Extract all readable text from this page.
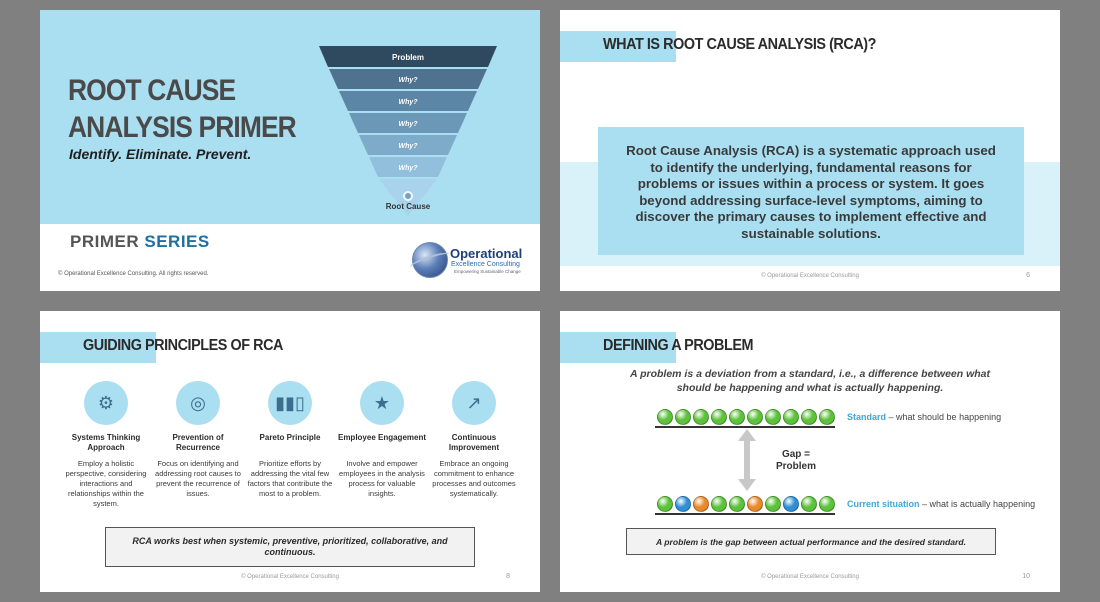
ROOT CAUSE
ANALYSIS PRIMER
Identify. Eliminate. Prevent.
Problem
Why?
Why?
Why?
Why?
Why?
Root Cause
PRIMER SERIES
© Operational Excellence Consulting. All rights reserved.
Operational
Excellence Consulting
Empowering Sustainable Change
WHAT IS ROOT CAUSE ANALYSIS (RCA)?
Root Cause Analysis (RCA) is a systematic approach used to identify the underlying, fundamental reasons for problems or issues within a process or system. It goes beyond addressing surface-level symptoms, aiming to discover the primary causes to implement effective and sustainable solutions.
© Operational Excellence Consulting	6
GUIDING PRINCIPLES OF RCA
⚙
Systems Thinking Approach
Employ a holistic perspective, considering interactions and relationships within the system.
◎
Prevention of Recurrence
Focus on identifying and addressing root causes to prevent the recurrence of issues.
▮▮▯
Pareto Principle
Prioritize efforts by addressing the vital few factors that contribute the most to a problem.
★
Employee Engagement
Involve and empower employees in the analysis process for valuable insights.
↗
Continuous Improvement
Embrace an ongoing commitment to enhance processes and outcomes systematically.
RCA works best when systemic, preventive, prioritized, collaborative, and continuous.
© Operational Excellence Consulting	8
DEFINING A PROBLEM
A problem is a deviation from a standard, i.e., a difference between what should be happening and what is actually happening.
Standard – what should be happening
Gap = Problem
Current situation – what is actually happening
A problem is the gap between actual performance and the desired standard.
© Operational Excellence Consulting	10
